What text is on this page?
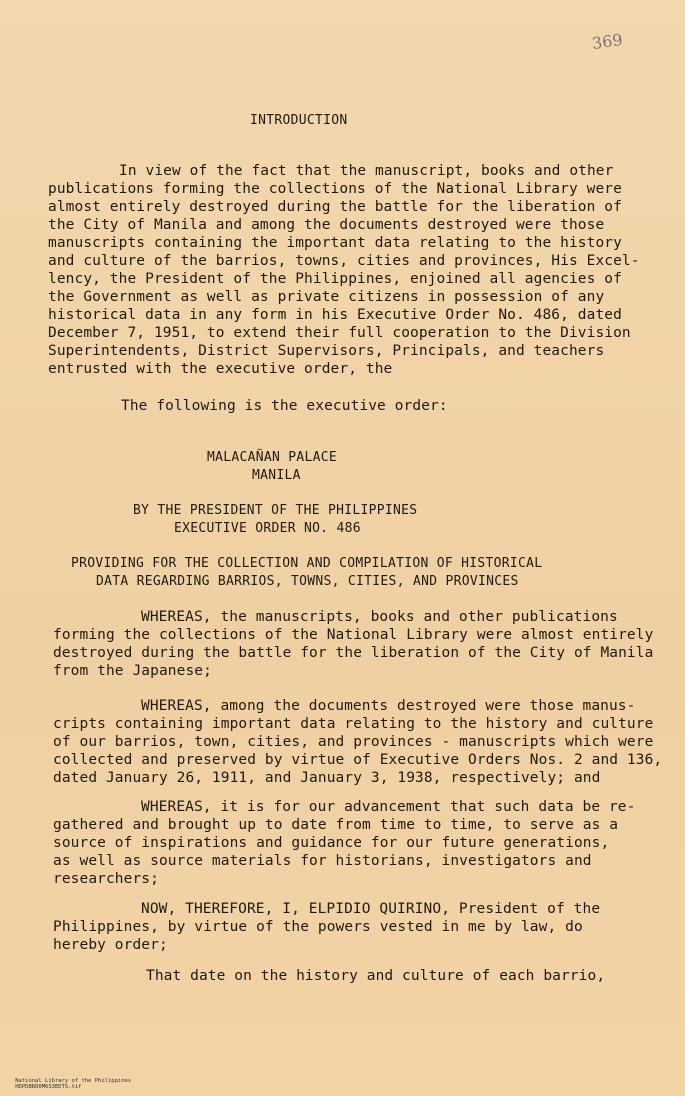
369
INTRODUCTION
In view of the fact that the manuscript, books and other
publications forming the collections of the National Library were
almost entirely destroyed during the battle for the liberation of
the City of Manila and among the documents destroyed were those
manuscripts containing the important data relating to the history
and culture of the barrios, towns, cities and provinces, His Excel-
lency, the President of the Philippines, enjoined all agencies of
the Government as well as private citizens in possession of any
historical data in any form in his Executive Order No. 486, dated
December 7, 1951, to extend their full cooperation to the Division
Superintendents, District Supervisors, Principals, and teachers
entrusted with the executive order, the
The following is the executive order:
MALACAÑAN PALACE
MANILA
BY THE PRESIDENT OF THE PHILIPPINES
EXECUTIVE ORDER NO. 486
PROVIDING FOR THE COLLECTION AND COMPILATION OF HISTORICAL
DATA REGARDING BARRIOS, TOWNS, CITIES, AND PROVINCES
WHEREAS, the manuscripts, books and other publications
forming the collections of the National Library were almost entirely
destroyed during the battle for the liberation of the City of Manila
from the Japanese;
WHEREAS, among the documents destroyed were those manus-
cripts containing important data relating to the history and culture
of our barrios, town, cities, and provinces - manuscripts which were
collected and preserved by virtue of Executive Orders Nos. 2 and 136,
dated January 26, 1911, and January 3, 1938, respectively; and
WHEREAS, it is for our advancement that such data be re-
gathered and brought up to date from time to time, to serve as a
source of inspirations and guidance for our future generations,
as well as source materials for historians, investigators and
researchers;
NOW, THEREFORE, I, ELPIDIO QUIRINO, President of the
Philippines, by virtue of the powers vested in me by law, do
hereby order;
That date on the history and culture of each barrio,

National Library of the Philippines
HDPDBRD0M6S3EDTS.tif
